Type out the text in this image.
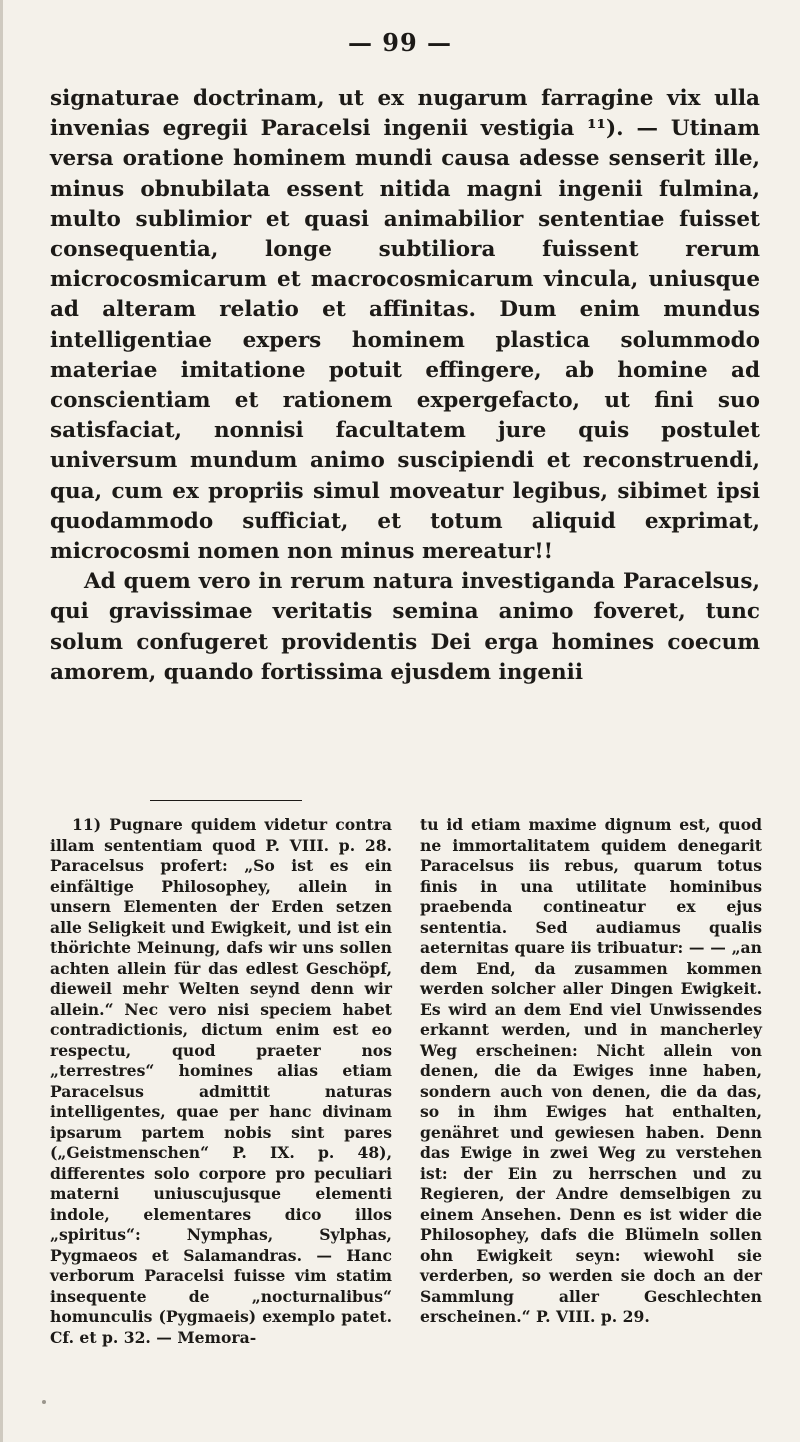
— 99 —

signaturae doctrinam, ut ex nugarum farragine vix ulla invenias egregii Paracelsi ingenii vestigia ¹¹). — Utinam versa oratione hominem mundi causa adesse senserit ille, minus obnubilata essent nitida magni ingenii fulmina, multo sublimior et quasi animabilior sententiae fuisset consequentia, longe subtiliora fuissent rerum microcosmicarum et macrocosmicarum vincula, uniusque ad alteram relatio et affinitas. Dum enim mundus intelligentiae expers hominem plastica solummodo materiae imitatione potuit effingere, ab homine ad conscientiam et rationem expergefacto, ut fini suo satisfaciat, nonnisi facultatem jure quis postulet universum mundum animo suscipiendi et reconstruendi, qua, cum ex propriis simul moveatur legibus, sibimet ipsi quodammodo sufficiat, et totum aliquid exprimat, microcosmi nomen non minus mereatur!!

Ad quem vero in rerum natura investiganda Paracelsus, qui gravissimae veritatis semina animo foveret, tunc solum confugeret providentis Dei erga homines coecum amorem, quando fortissima ejusdem ingenii

11) Pugnare quidem videtur contra illam sententiam quod P. VIII. p. 28. Paracelsus profert: „So ist es ein einfältige Philosophey, allein in unsern Elementen der Erden setzen alle Seligkeit und Ewigkeit, und ist ein thörichte Meinung, dafs wir uns sollen achten allein für das edlest Geschöpf, dieweil mehr Welten seynd denn wir allein.“ Nec vero nisi speciem habet contradictionis, dictum enim est eo respectu, quod praeter nos „terrestres“ homines alias etiam Paracelsus admittit naturas intelligentes, quae per hanc divinam ipsarum partem nobis sint pares („Geistmenschen“ P. IX. p. 48), differentes solo corpore pro peculiari materni uniuscujusque elementi indole, elementares dico illos „spiritus“: Nymphas, Sylphas, Pygmaeos et Salamandras. — Hanc verborum Paracelsi fuisse vim statim insequente de „nocturnalibus“ homunculis (Pygmaeis) exemplo patet. Cf. et p. 32. — Memora-

tu id etiam maxime dignum est, quod ne immortalitatem quidem denegarit Paracelsus iis rebus, quarum totus finis in una utilitate hominibus praebenda contineatur ex ejus sententia. Sed audiamus qualis aeternitas quare iis tribuatur: — — „an dem End, da zusammen kommen werden solcher aller Dingen Ewigkeit. Es wird an dem End viel Unwissendes erkannt werden, und in mancherley Weg erscheinen: Nicht allein von denen, die da Ewiges inne haben, sondern auch von denen, die da das, so in ihm Ewiges hat enthalten, genähret und gewiesen haben. Denn das Ewige in zwei Weg zu verstehen ist: der Ein zu herrschen und zu Regieren, der Andre demselbigen zu einem Ansehen. Denn es ist wider die Philosophey, dafs die Blümeln sollen ohn Ewigkeit seyn: wiewohl sie verderben, so werden sie doch an der Sammlung aller Geschlechten erscheinen.“ P. VIII. p. 29.
